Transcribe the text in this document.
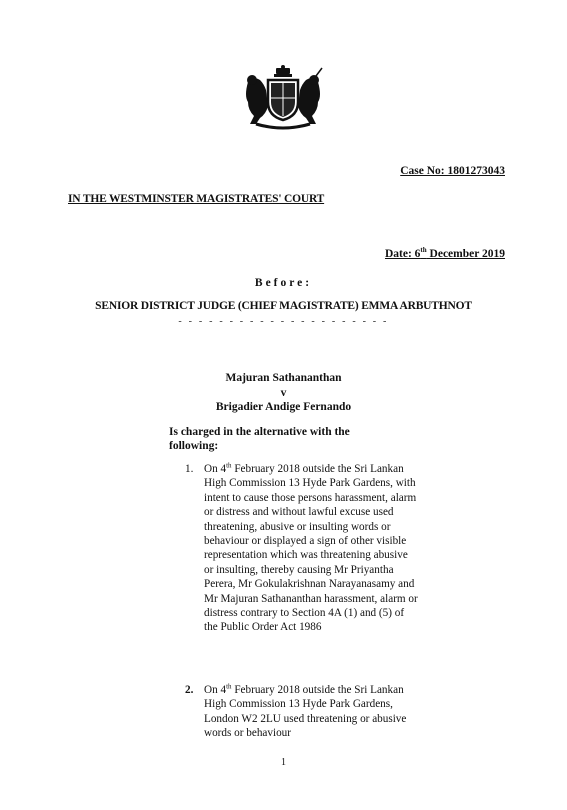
Case No: 1801273043
IN THE WESTMINSTER MAGISTRATES' COURT
Date: 6th December 2019
Before:
SENIOR DISTRICT JUDGE (CHIEF MAGISTRATE) EMMA ARBUTHNOT
- - - - - - - - - - - - - - - - - - - - -
Majuran Sathananthan
v
Brigadier Andige Fernando
Is charged in the alternative with the following:
1. On 4th February 2018 outside the Sri Lankan High Commission 13 Hyde Park Gardens, with intent to cause those persons harassment, alarm or distress and without lawful excuse used threatening, abusive or insulting words or behaviour or displayed a sign of other visible representation which was threatening abusive or insulting, thereby causing Mr Priyantha Perera, Mr Gokulakrishnan Narayanasamy and Mr Majuran Sathananthan harassment, alarm or distress contrary to Section 4A (1) and (5) of the Public Order Act 1986
2. On 4th February 2018 outside the Sri Lankan High Commission 13 Hyde Park Gardens, London W2 2LU used threatening or abusive words or behaviour
1
